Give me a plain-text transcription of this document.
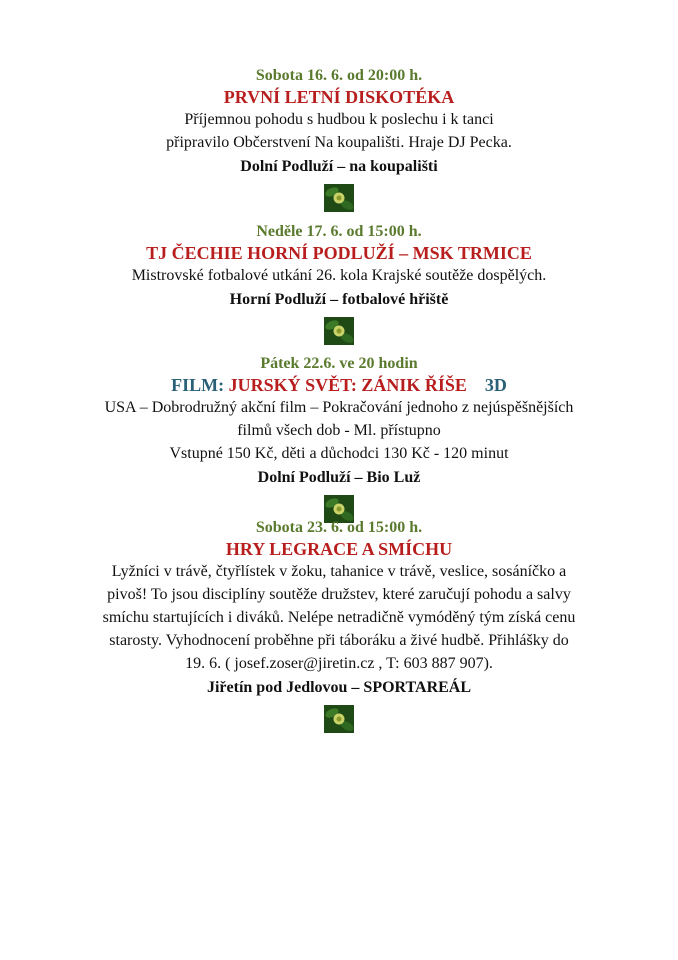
Sobota 16. 6. od 20:00 h.
PRVNÍ LETNÍ DISKOTÉKA
Příjemnou pohodu s hudbou k poslechu i k tanci
připravilo Občerstvení Na koupališti. Hraje DJ Pecka.
Dolní Podluží – na koupališti
Neděle 17. 6. od 15:00 h.
TJ ČECHIE HORNÍ PODLUŽÍ – MSK TRMICE
Mistrovské fotbalové utkání 26. kola Krajské soutěže dospělých.
Horní Podluží – fotbalové hřiště
Pátek 22.6. ve 20 hodin
FILM: JURSKÝ SVĚT: ZÁNIK ŘÍŠE 3D
USA – Dobrodružný akční film – Pokračování jednoho z nejúspěšnějších
filmů všech dob - Ml. přístupno
Vstupné 150 Kč, děti a důchodci 130 Kč - 120 minut
Dolní Podluží – Bio Luž
Sobota 23. 6. od 15:00 h.
HRY LEGRACE A SMÍCHU
Lyžníci v trávě, čtyřlístek v žoku, tahanice v trávě, veslice, sosáníčko a
pivoš! To jsou disciplíny soutěže družstev, které zaručují pohodu a salvy
smíchu startujících i diváků. Nelépe netradičně vymóděný tým získá cenu
starosty. Vyhodnocení proběhne při táboráku a živé hudbě. Přihlášky do
19. 6. ( josef.zoser@jiretin.cz , T: 603 887 907).
Jiřetín pod Jedlovou – SPORTAREÁL
